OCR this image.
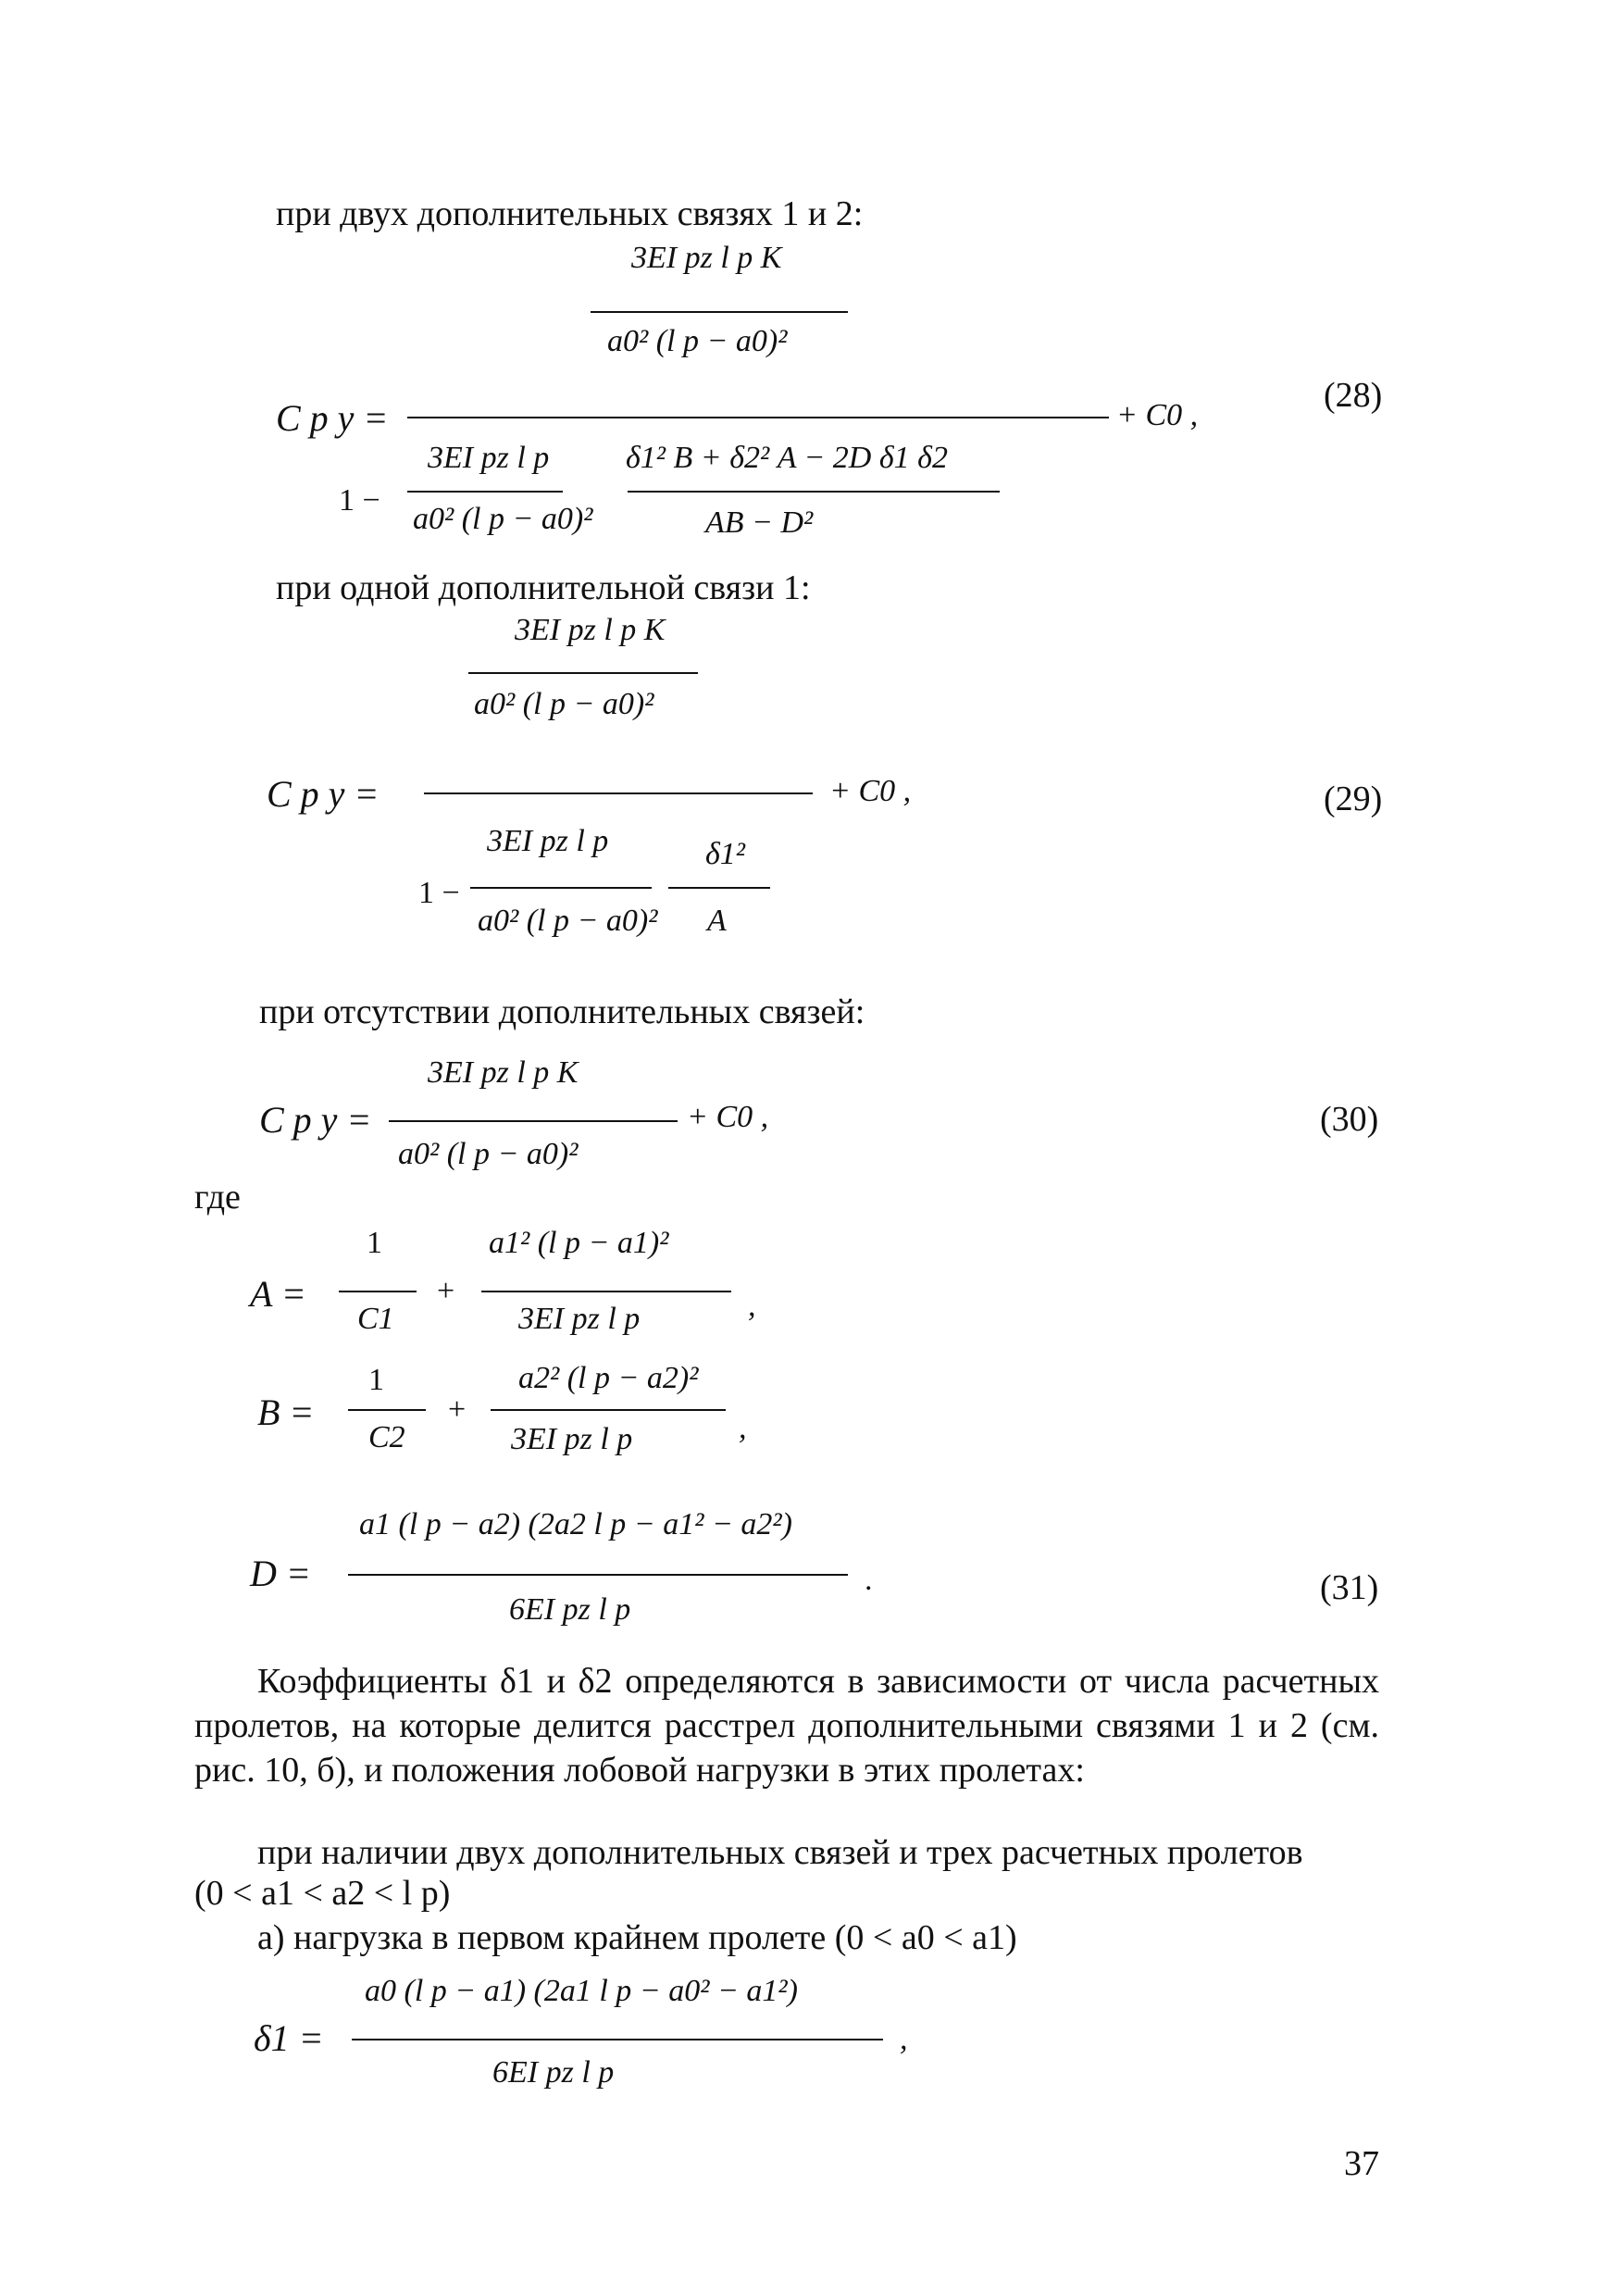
при двух дополнительных связях 1 и 2:
3EI pz l p K
a0² (l p − a0)²
C p y =	+ C0 ,
(28)
1 −
3EI pz l p
a0² (l p − a0)²
δ1² B + δ2² A − 2D δ1 δ2
AB − D²
при одной дополнительной связи 1:
3EI pz l p K
a0² (l p − a0)²
C p y =	+ C0 ,	(29)
1 −
3EI pz l p
a0² (l p − a0)²
δ1²
A
при отсутствии дополнительных связей:
C p y =
3EI pz l p K
a0² (l p − a0)²
+ C0 ,	(30)
где
A =
1
C1
+
a1² (l p − a1)²
3EI pz l p	,
B =
1
C2
+
a2² (l p − a2)²
3EI pz l p	,
D =
a1 (l p − a2) (2a2 l p − a1² − a2²)
6EI pz l p
.	(31)
Коэффициенты δ1 и δ2 определяются в зависимости от числа расчетных пролетов, на которые делится расстрел дополнительными связями 1 и 2 (см. рис. 10, б), и положения лобовой нагрузки в этих пролетах:
при наличии двух дополнительных связей и трех расчетных пролетов
(0 < a1 < a2 < l p)
а) нагрузка в первом крайнем пролете (0 < a0 < a1)
δ1 =
a0 (l p − a1) (2a1 l p − a0² − a1²)
6EI pz l p
,
37
